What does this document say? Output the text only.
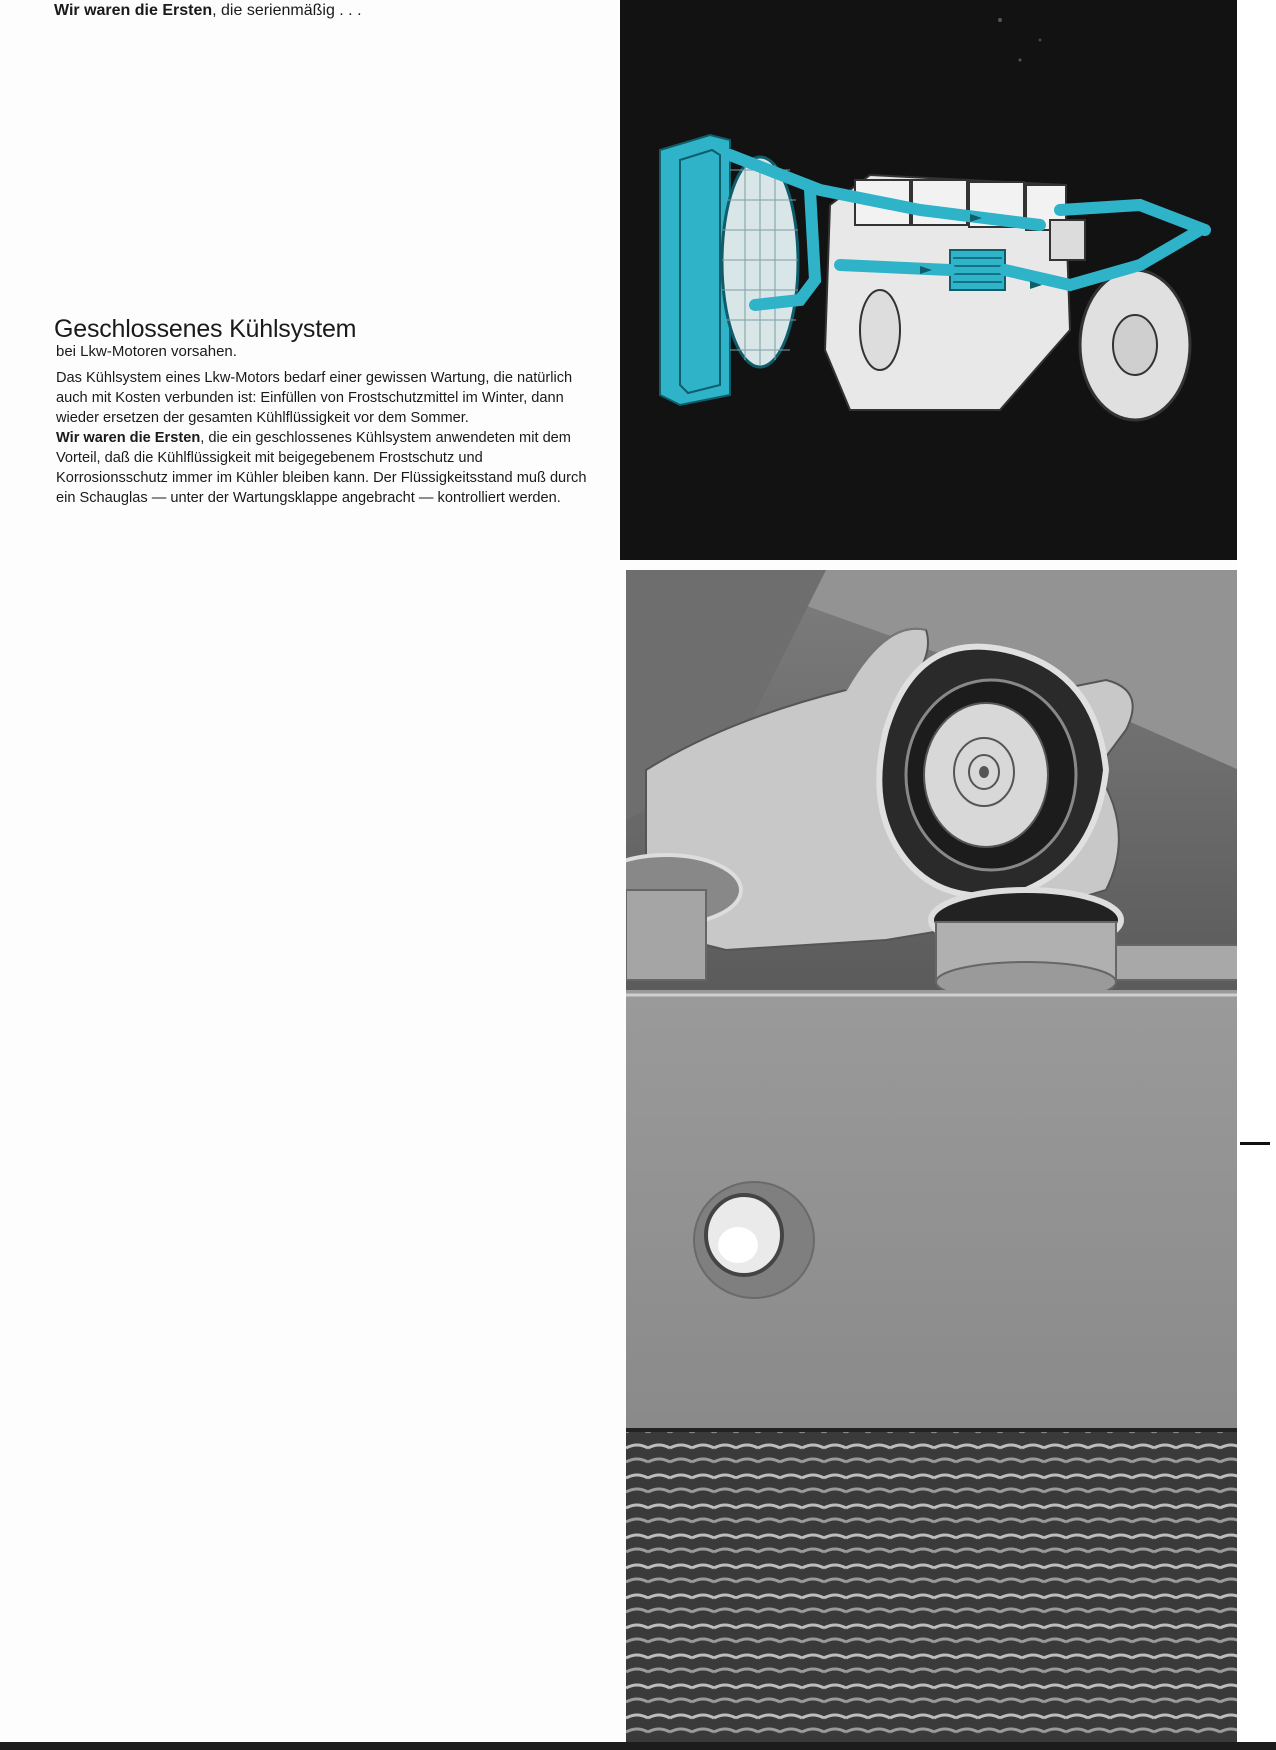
Wir waren die Ersten, die serienmäßig . . .
Geschlossenes Kühlsystem

bei Lkw-Motoren vorsahen.

Das Kühlsystem eines Lkw-Motors bedarf einer gewissen Wartung, die natürlich auch mit Kosten verbunden ist: Einfüllen von Frostschutzmittel im Winter, dann wieder ersetzen der gesamten Kühlflüssigkeit vor dem Sommer.

Wir waren die Ersten, die ein geschlossenes Kühlsystem anwendeten mit dem Vorteil, daß die Kühlflüssigkeit mit beigegebenem Frostschutz und Korrosionsschutz immer im Kühler bleiben kann. Der Flüssigkeitsstand muß durch ein Schauglas — unter der Wartungsklappe angebracht — kontrolliert werden.
